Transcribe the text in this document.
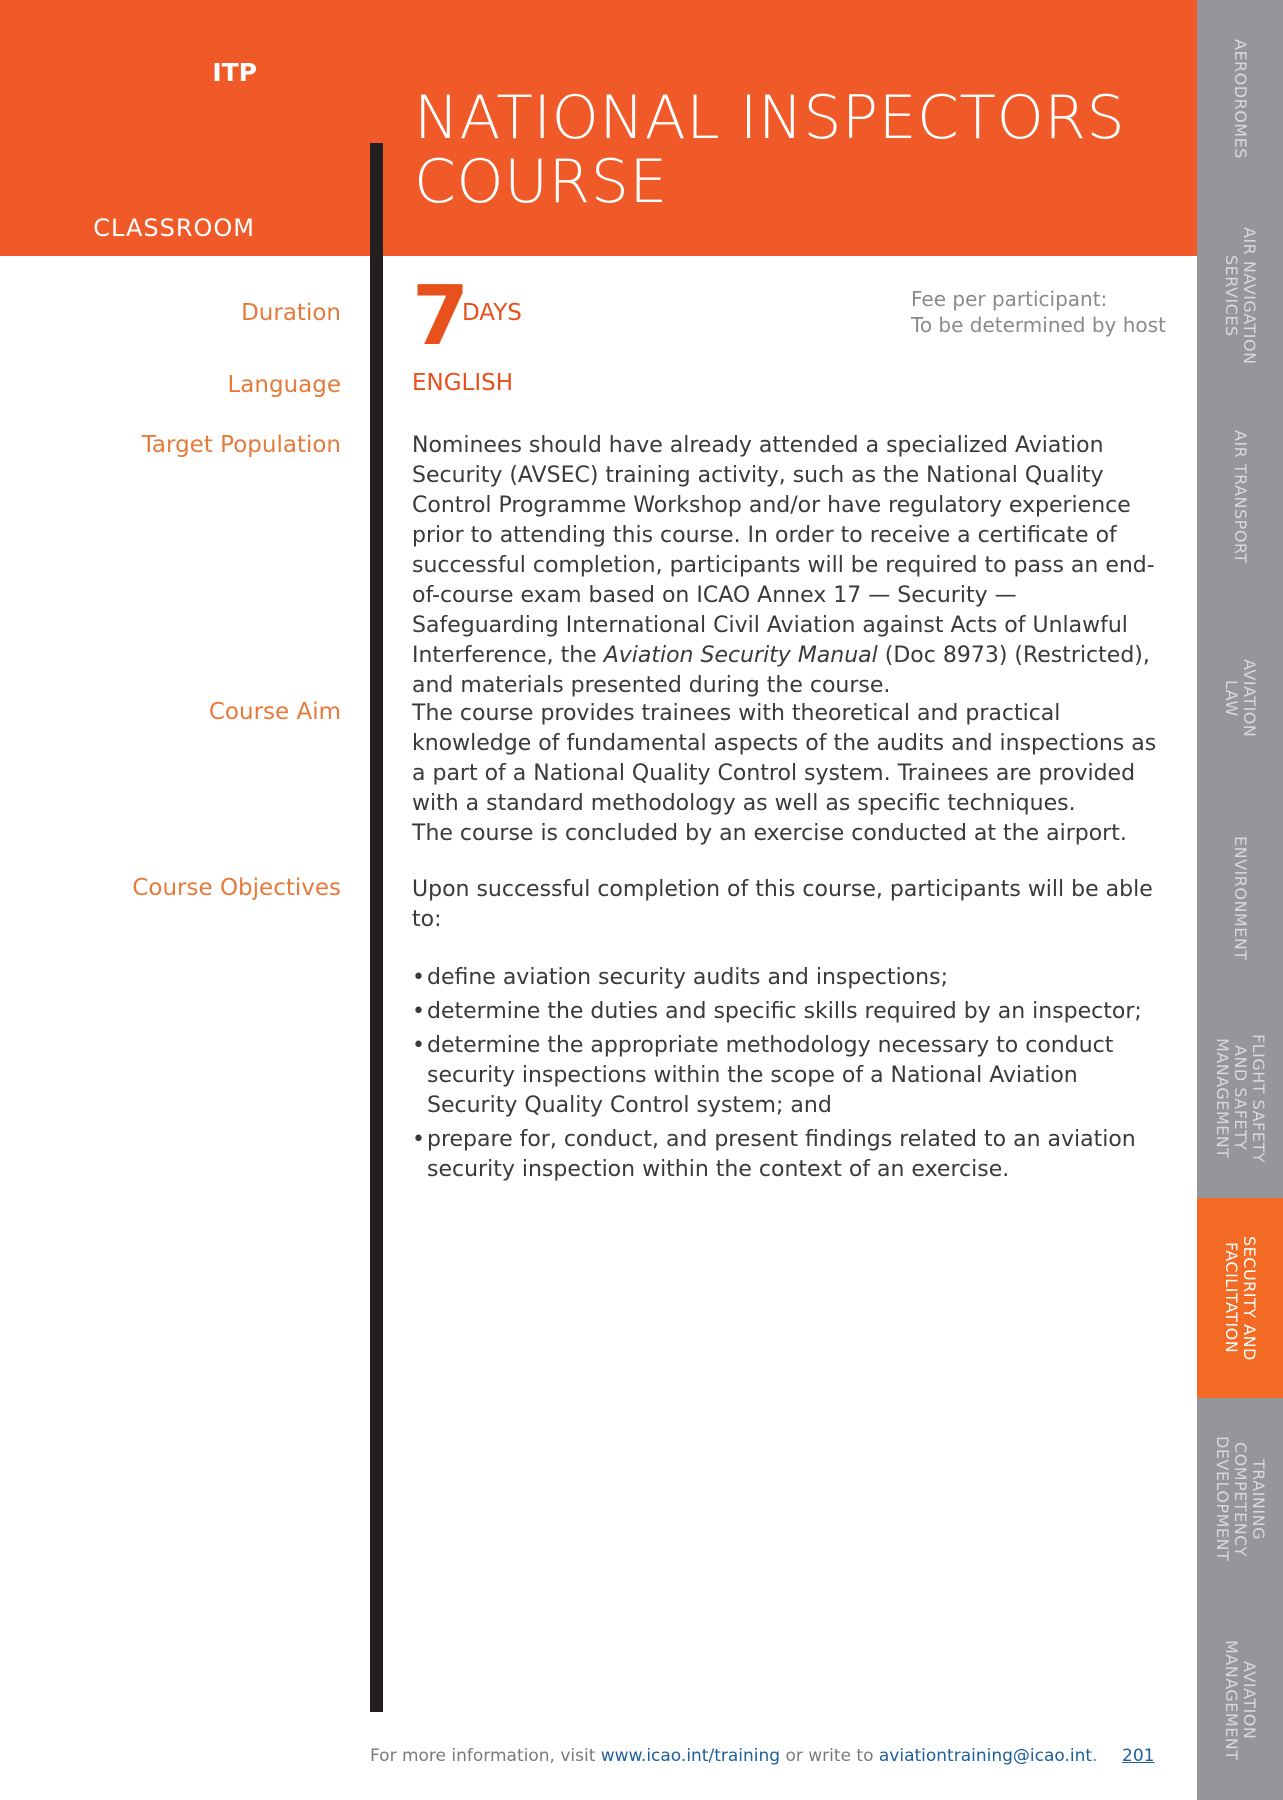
ITP
NATIONAL INSPECTORS
COURSE
CLASSROOM
Duration 7
DAYS
Fee per participant:
To be determined by host
Language	ENGLISH
Target Population	Nominees should have already attended a specialized Aviation Security (AVSEC) training activity, such as the National Quality Control Programme Workshop and/or have regulatory experience prior to attending this course. In order to receive a certificate of successful completion, participants will be required to pass an end-of-course exam based on ICAO Annex 17 — Security — Safeguarding International Civil Aviation against Acts of Unlawful Interference, the Aviation Security Manual (Doc 8973) (Restricted), and materials presented during the course.
Course Aim	The course provides trainees with theoretical and practical knowledge of fundamental aspects of the audits and inspections as a part of a National Quality Control system. Trainees are provided with a standard methodology as well as specific techniques.
The course is concluded by an exercise conducted at the airport.
Course Objectives	Upon successful completion of this course, participants will be able to:
• define aviation security audits and inspections;
• determine the duties and specific skills required by an inspector;
• determine the appropriate methodology necessary to conduct security inspections within the scope of a National Aviation Security Quality Control system; and
• prepare for, conduct, and present findings related to an aviation security inspection within the context of an exercise.
AERODROMES
AIR NAVIGATION
SERVICES
AIR TRANSPORT
AVIATION
LAW
ENVIRONMENT
FLIGHT SAFETY
AND SAFETY
MANAGEMENT
SECURITY AND
FACILITATION
TRAINING
COMPETENCY
DEVELOPMENT
AVIATION
MANAGEMENT
For more information, visit www.icao.int/training or write to aviationtraining@icao.int. 201
